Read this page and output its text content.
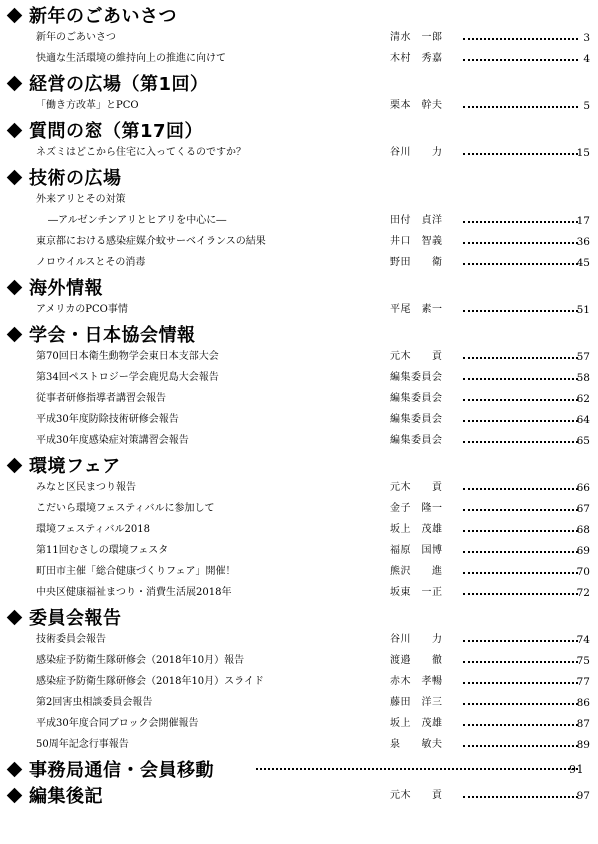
新年のごあいさつ
新年のごあいさつ	清水　一郎	3
快適な生活環境の維持向上の推進に向けて	木村　秀嘉	4
経営の広場（第1回）
「働き方改革」とPCO	栗本　幹夫	5
質問の窓（第17回）
ネズミはどこから住宅に入ってくるのですか？	谷川　　力	15
技術の広場
外来アリとその対策
―アルゼンチンアリとヒアリを中心に―	田付　貞洋	17
東京都における感染症媒介蚊サーベイランスの結果	井口　智義	36
ノロウイルスとその消毒	野田　　衛	45
海外情報
アメリカのPCO事情	平尾　素一	51
学会・日本協会情報
第70回日本衛生動物学会東日本支部大会	元木　　貢	57
第34回ペストロジー学会鹿児島大会報告	編集委員会	58
従事者研修指導者講習会報告	編集委員会	62
平成30年度防除技術研修会報告	編集委員会	64
平成30年度感染症対策講習会報告	編集委員会	65
環境フェア
みなと区民まつり報告	元木　　貢	66
こだいら環境フェスティバルに参加して	金子　隆一	67
環境フェスティバル2018	坂上　茂雄	68
第11回むさしの環境フェスタ	福原　国博	69
町田市主催「総合健康づくりフェア」開催！	熊沢　　進	70
中央区健康福祉まつり・消費生活展2018年	坂東　一正	72
委員会報告
技術委員会報告	谷川　　力	74
感染症予防衛生隊研修会（2018年10月）報告	渡邉　　徹	75
感染症予防衛生隊研修会（2018年10月）スライド	赤木　孝暢	77
第2回害虫相談委員会報告	藤田　洋三	86
平成30年度合同ブロック会開催報告	坂上　茂雄	87
50周年記念行事報告	泉　　敏夫	89
事務局通信・会員移動	91
編集後記	元木　　貢	97
